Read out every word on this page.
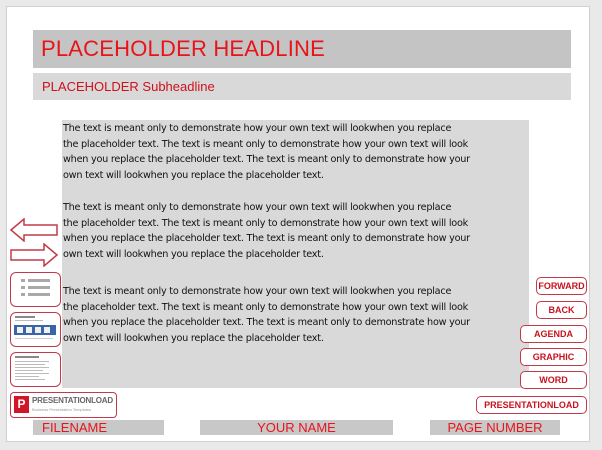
PLACEHOLDER HEADLINE
PLACEHOLDER Subheadline
The text is meant only to demonstrate how your own text will lookwhen you replace
the placeholder text. The text is meant only to demonstrate how your own text will look
when you replace the placeholder text. The text is meant only to demonstrate how your
own text will lookwhen you replace the placeholder text.
The text is meant only to demonstrate how your own text will lookwhen you replace
the placeholder text. The text is meant only to demonstrate how your own text will look
when you replace the placeholder text. The text is meant only to demonstrate how your
own text will lookwhen you replace the placeholder text.
The text is meant only to demonstrate how your own text will lookwhen you replace
the placeholder text. The text is meant only to demonstrate how your own text will look
when you replace the placeholder text. The text is meant only to demonstrate how your
own text will lookwhen you replace the placeholder text.
P PRESENTATIONLOAD
Business Presentation Templates
FORWARD
BACK
AGENDA
GRAPHIC
WORD
PRESENTATIONLOAD
FILENAME	YOUR NAME	PAGE NUMBER
